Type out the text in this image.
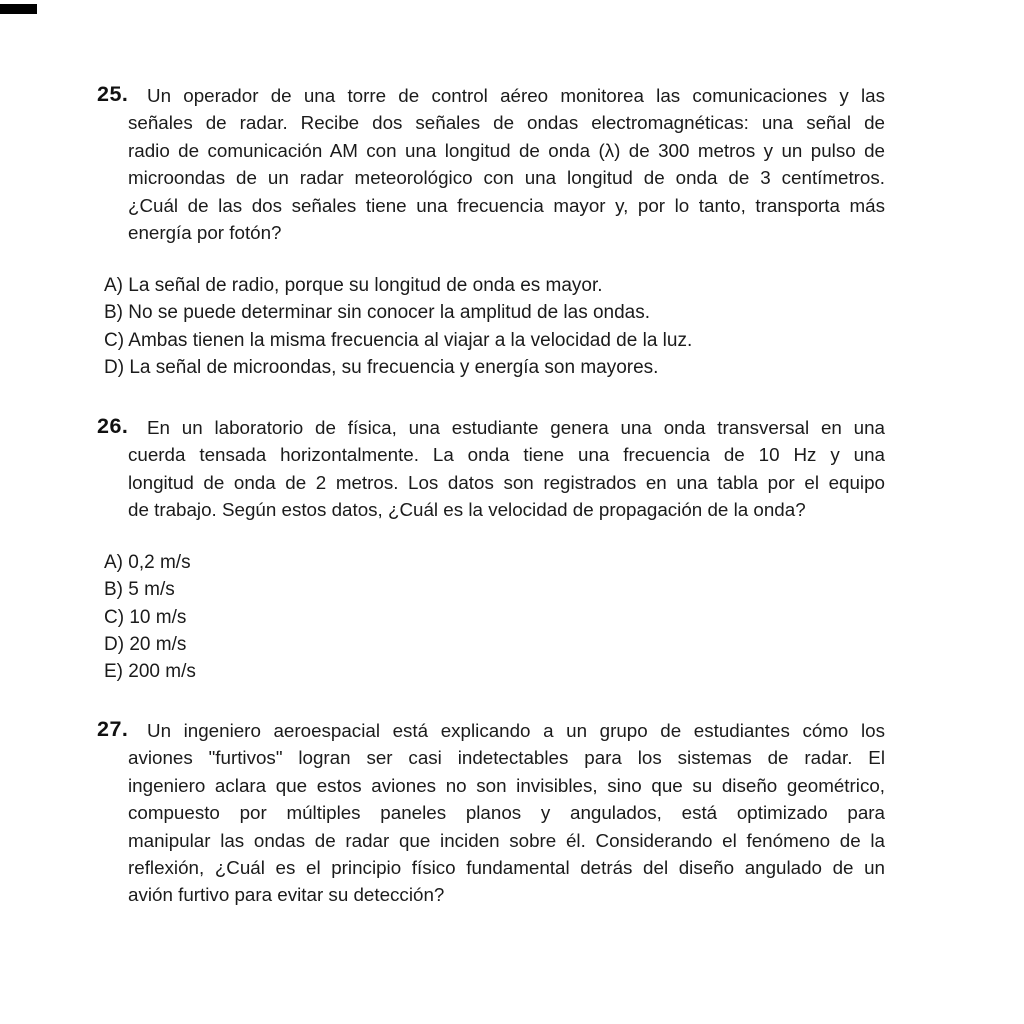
25. Un operador de una torre de control aéreo monitorea las comunicaciones y las
señales de radar. Recibe dos señales de ondas electromagnéticas: una señal de
radio de comunicación AM con una longitud de onda (λ) de 300 metros y un pulso de
microondas de un radar meteorológico con una longitud de onda de 3 centímetros.
¿Cuál de las dos señales tiene una frecuencia mayor y, por lo tanto, transporta más
energía por fotón?
A) La señal de radio, porque su longitud de onda es mayor.
B) No se puede determinar sin conocer la amplitud de las ondas.
C) Ambas tienen la misma frecuencia al viajar a la velocidad de la luz.
D) La señal de microondas, su frecuencia y energía son mayores.
26. En un laboratorio de física, una estudiante genera una onda transversal en una
cuerda tensada horizontalmente. La onda tiene una frecuencia de 10 Hz y una
longitud de onda de 2 metros. Los datos son registrados en una tabla por el equipo
de trabajo. Según estos datos, ¿Cuál es la velocidad de propagación de la onda?
A) 0,2 m/s
B) 5 m/s
C) 10 m/s
D) 20 m/s
E) 200 m/s
27. Un ingeniero aeroespacial está explicando a un grupo de estudiantes cómo los
aviones "furtivos" logran ser casi indetectables para los sistemas de radar. El
ingeniero aclara que estos aviones no son invisibles, sino que su diseño geométrico,
compuesto por múltiples paneles planos y angulados, está optimizado para
manipular las ondas de radar que inciden sobre él. Considerando el fenómeno de la
reflexión, ¿Cuál es el principio físico fundamental detrás del diseño angulado de un
avión furtivo para evitar su detección?
